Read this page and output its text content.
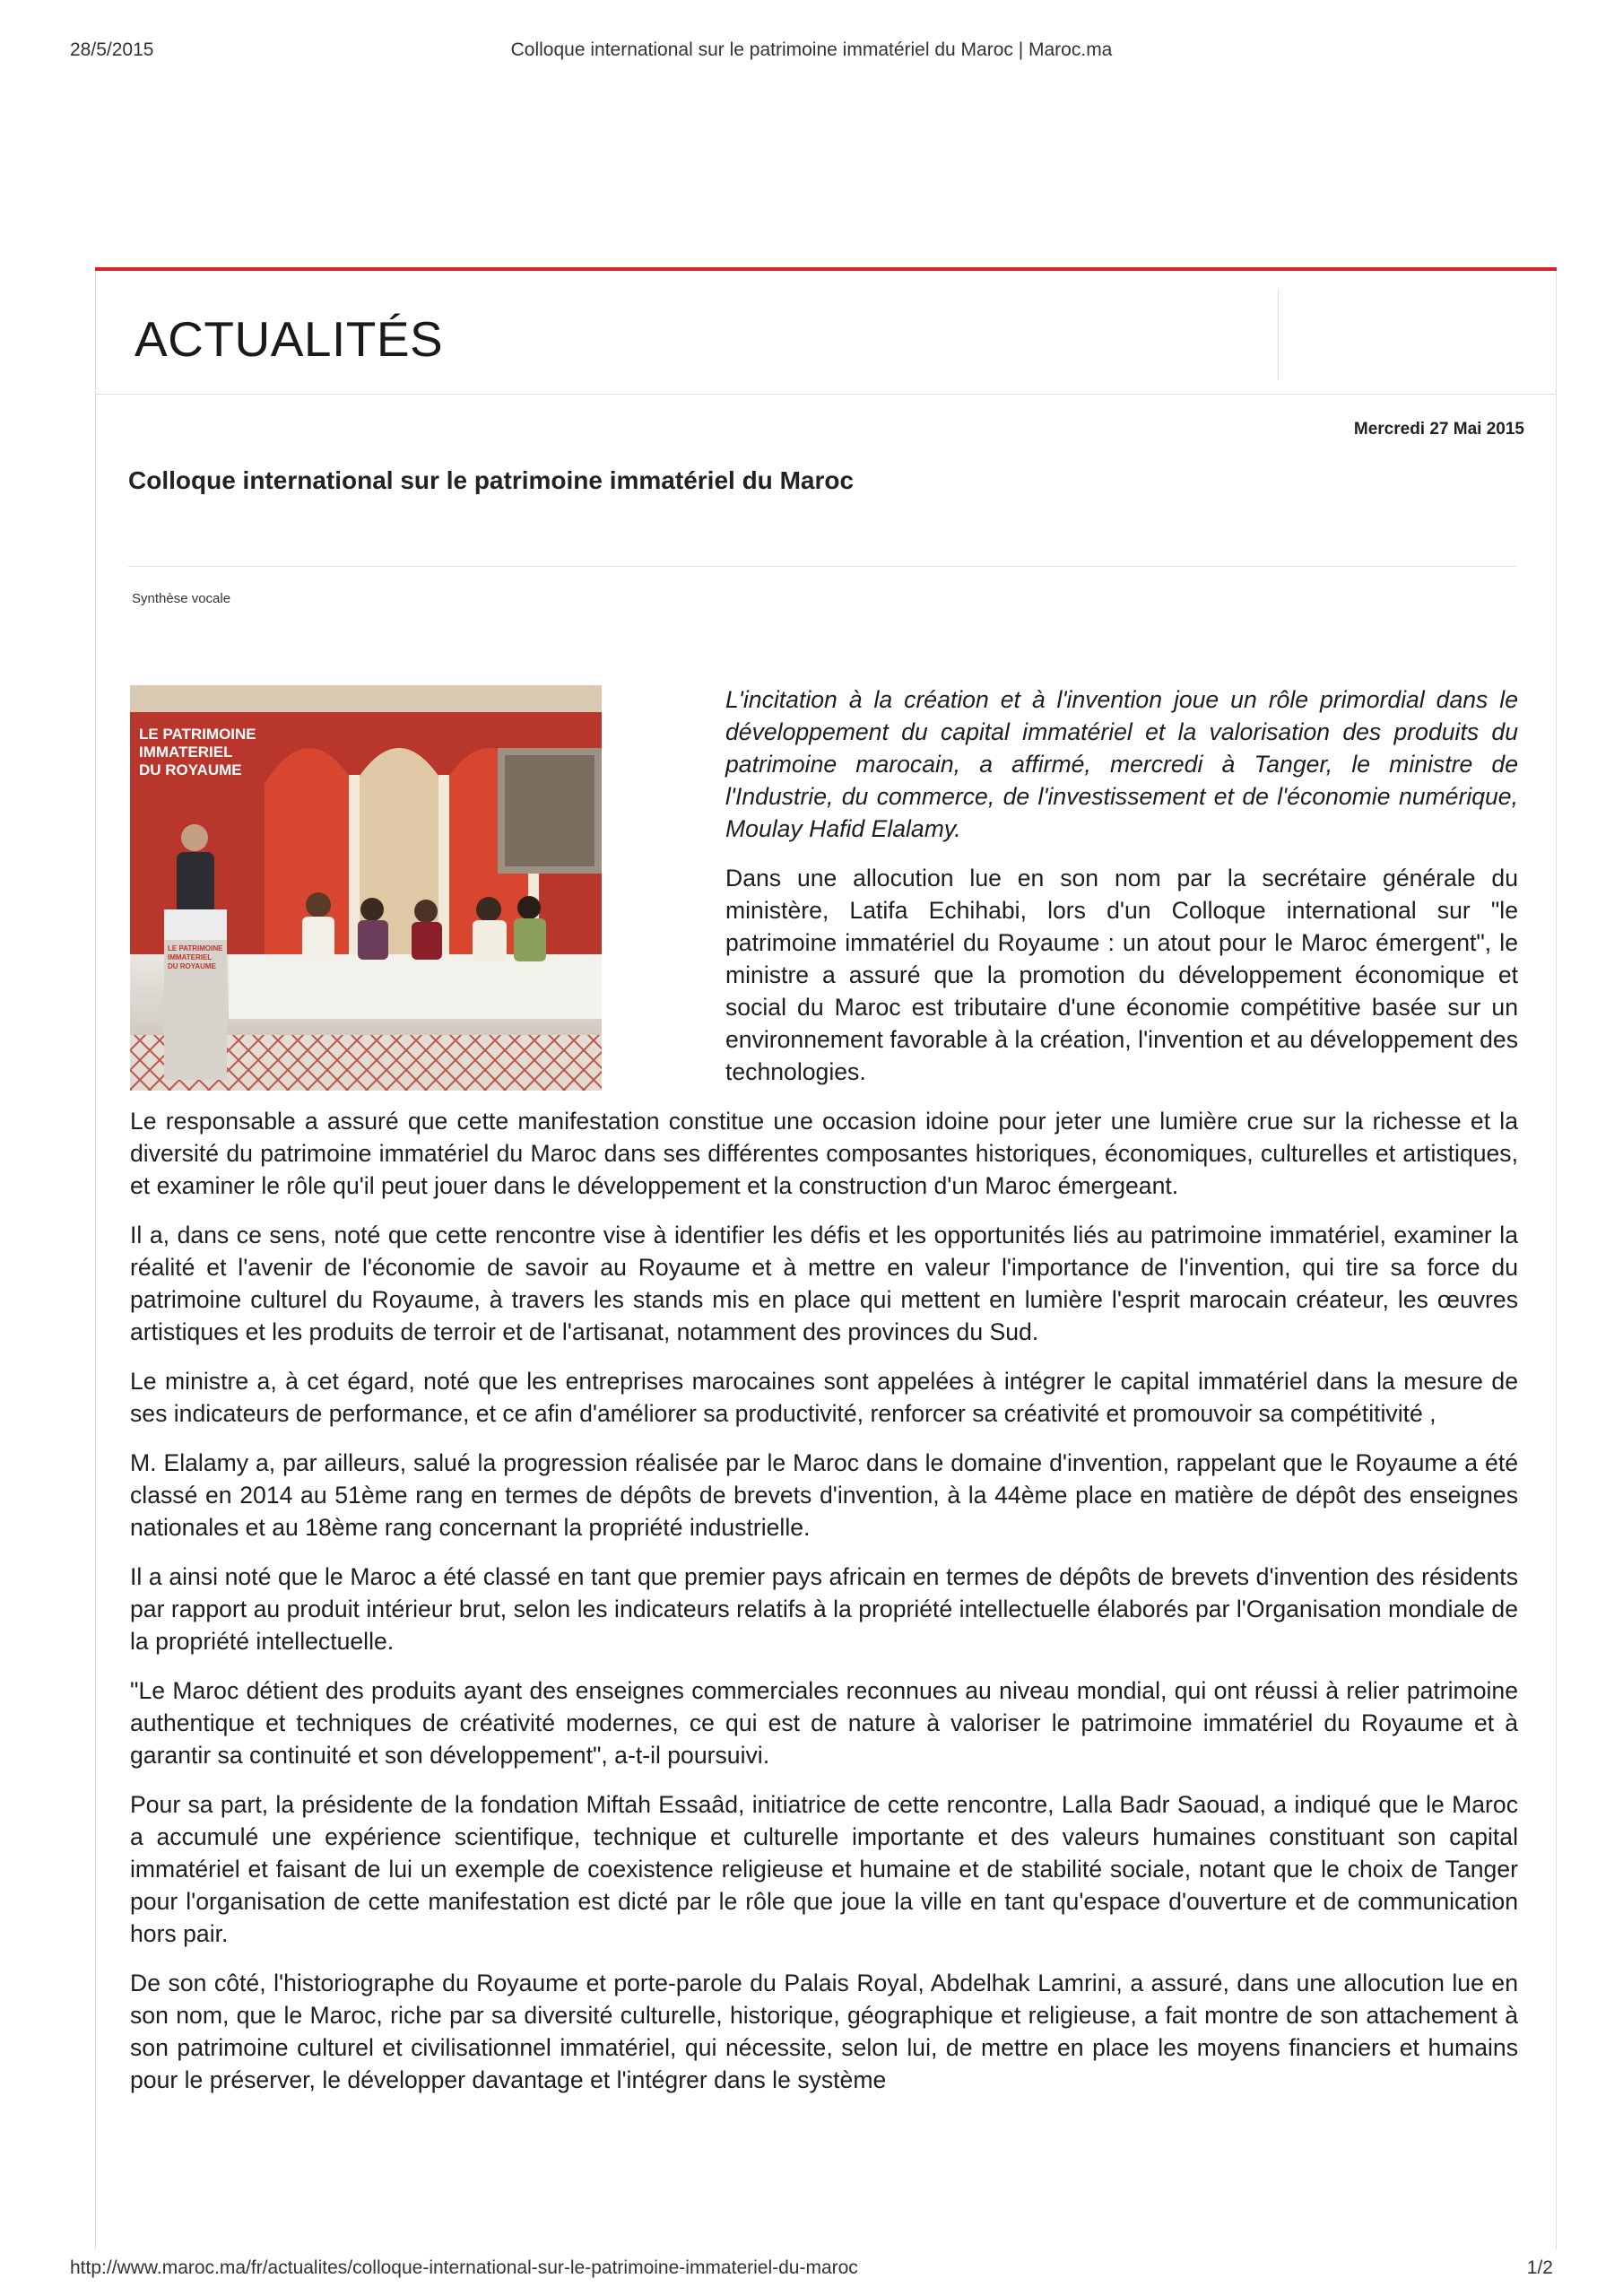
28/5/2015	Colloque international sur le patrimoine immatériel du Maroc | Maroc.ma
ACTUALITÉS
Mercredi 27 Mai 2015
Colloque international sur le patrimoine immatériel du Maroc
Synthèse vocale
LE PATRIMOINE
IMMATERIEL
DU ROYAUME
LE PATRIMOINE
IMMATERIEL
DU ROYAUME

L'incitation à la création et à l'invention joue un rôle primordial dans le développement du capital immatériel et la valorisation des produits du patrimoine marocain, a affirmé, mercredi à Tanger, le ministre de l'Industrie, du commerce, de l'investissement et de l'économie numérique, Moulay Hafid Elalamy.

Dans une allocution lue en son nom par la secrétaire générale du ministère, Latifa Echihabi, lors d'un Colloque international sur "le patrimoine immatériel du Royaume : un atout pour le Maroc émergent", le ministre a assuré que la promotion du développement économique et social du Maroc est tributaire d'une économie compétitive basée sur un environnement favorable à la création, l'invention et au développement des technologies.

Le responsable a assuré que cette manifestation constitue une occasion idoine pour jeter une lumière crue sur la richesse et la diversité du patrimoine immatériel du Maroc dans ses différentes composantes historiques, économiques, culturelles et artistiques, et examiner le rôle qu'il peut jouer dans le développement et la construction d'un Maroc émergeant.

Il a, dans ce sens, noté que cette rencontre vise à identifier les défis et les opportunités liés au patrimoine immatériel, examiner la réalité et l'avenir de l'économie de savoir au Royaume et à mettre en valeur l'importance de l'invention, qui tire sa force du patrimoine culturel du Royaume, à travers les stands mis en place qui mettent en lumière l'esprit marocain créateur, les œuvres artistiques et les produits de terroir et de l'artisanat, notamment des provinces du Sud.

Le ministre a, à cet égard, noté que les entreprises marocaines sont appelées à intégrer le capital immatériel dans la mesure de ses indicateurs de performance, et ce afin d'améliorer sa productivité, renforcer sa créativité et promouvoir sa compétitivité ,

M. Elalamy a, par ailleurs, salué la progression réalisée par le Maroc dans le domaine d'invention, rappelant que le Royaume a été classé en 2014 au 51ème rang en termes de dépôts de brevets d'invention, à la 44ème place en matière de dépôt des enseignes nationales et au 18ème rang concernant la propriété industrielle.

Il a ainsi noté que le Maroc a été classé en tant que premier pays africain en termes de dépôts de brevets d'invention des résidents par rapport au produit intérieur brut, selon les indicateurs relatifs à la propriété intellectuelle élaborés par l'Organisation mondiale de la propriété intellectuelle.

"Le Maroc détient des produits ayant des enseignes commerciales reconnues au niveau mondial, qui ont réussi à relier patrimoine authentique et techniques de créativité modernes, ce qui est de nature à valoriser le patrimoine immatériel du Royaume et à garantir sa continuité et son développement", a-t-il poursuivi.

Pour sa part, la présidente de la fondation Miftah Essaâd, initiatrice de cette rencontre, Lalla Badr Saouad, a indiqué que le Maroc a accumulé une expérience scientifique, technique et culturelle importante et des valeurs humaines constituant son capital immatériel et faisant de lui un exemple de coexistence religieuse et humaine et de stabilité sociale, notant que le choix de Tanger pour l'organisation de cette manifestation est dicté par le rôle que joue la ville en tant qu'espace d'ouverture et de communication hors pair.

De son côté, l'historiographe du Royaume et porte-parole du Palais Royal, Abdelhak Lamrini, a assuré, dans une allocution lue en son nom, que le Maroc, riche par sa diversité culturelle, historique, géographique et religieuse, a fait montre de son attachement à son patrimoine culturel et civilisationnel immatériel, qui nécessite, selon lui, de mettre en place les moyens financiers et humains pour le préserver, le développer davantage et l'intégrer dans le système

http://www.maroc.ma/fr/actualites/colloque-international-sur-le-patrimoine-immateriel-du-maroc	1/2
